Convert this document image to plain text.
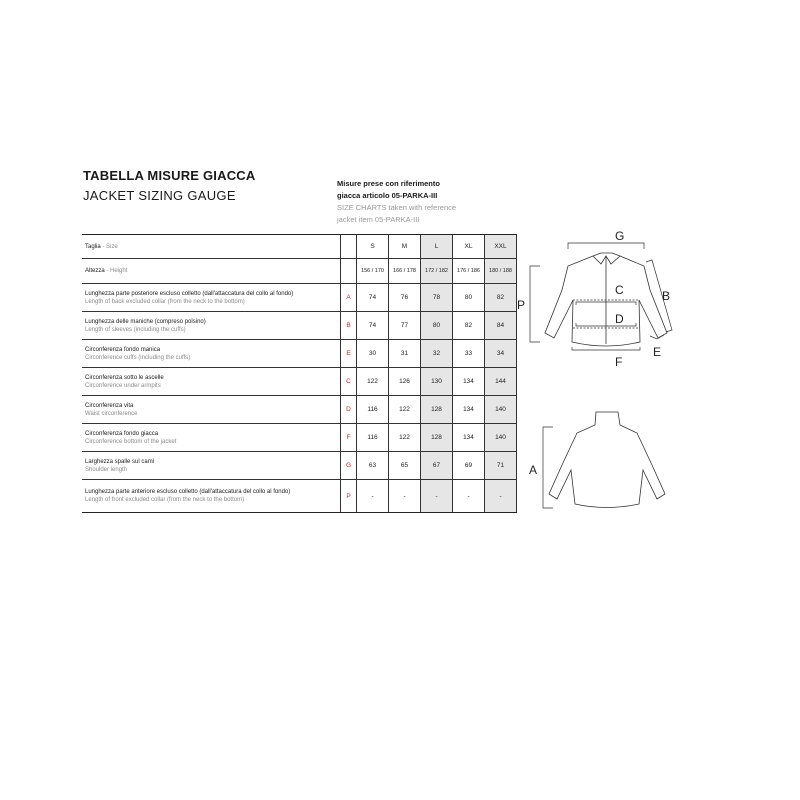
TABELLA MISURE GIACCA
JACKET SIZING GAUGE
Misure prese con riferimento
giacca articolo 05-PARKA-III
SIZE CHARTS taken with reference
jacket item 05-PARKA-III
Taglia - Size		S	M	L	XL	XXL
Altezza - Height		156 / 170	166 / 178	172 / 182	176 / 186	180 / 188

Lunghezza parte posteriore escluso colletto (dall'attaccatura del collo al fondo)
Length of back excluded collar (from the neck to the bottom)	A	74	76	78	80	82

Lunghezza delle maniche (compreso polsino)
Length of sleeves (including the cuffs)	B	74	77	80	82	84

Circonferenza fondo manica
Circonference cuffs (including the cuffs)	E	30	31	32	33	34

Circonferenza sotto le ascelle
Circonference under armpits	C	122	126	130	134	144

Circonferenza vita
Waist circonference	D	116	122	128	134	140

Circonferenza fondo giacca
Circonference bottom of the jacket	F	116	122	128	134	140

Larghezza spalle sul camì
Shoulder length	G	63	65	67	69	71

Lunghezza parte anteriore escluso colletto (dall'attaccatura del collo al fondo)
Length of front excluded collar (from the neck to the bottom)	P	-	-	-	-	-
G
B
C
D
P
E
F
A
